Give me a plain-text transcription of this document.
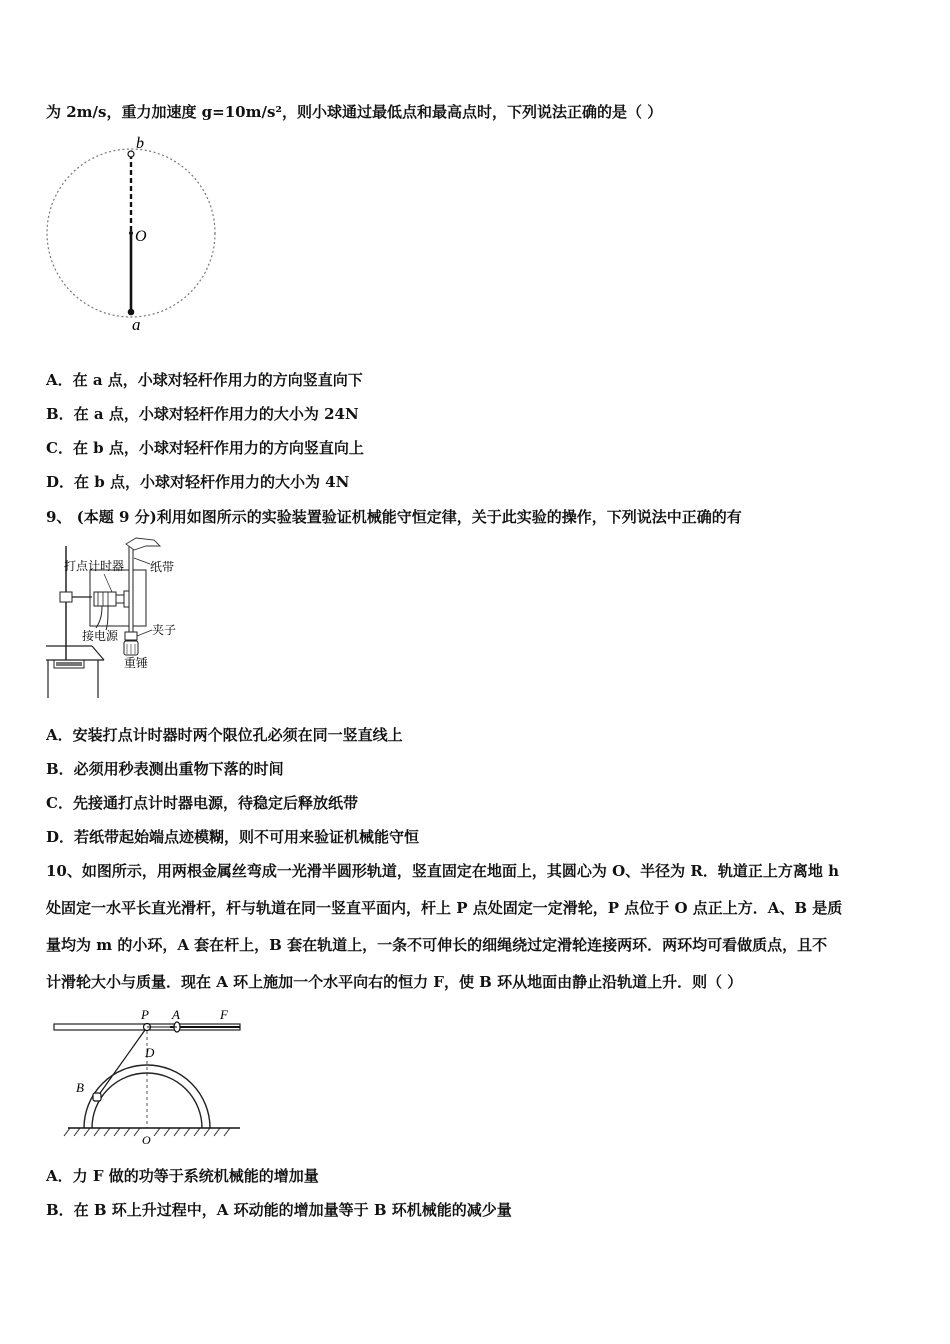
为 2m/s，重力加速度 g=10m/s²，则小球通过最低点和最高点时，下列说法正确的是（ ）
b
O
a
A．在 a 点，小球对轻杆作用力的方向竖直向下
B．在 a 点，小球对轻杆作用力的大小为 24N
C．在 b 点，小球对轻杆作用力的方向竖直向上
D．在 b 点，小球对轻杆作用力的大小为 4N
9、 (本题 9 分)利用如图所示的实验装置验证机械能守恒定律，关于此实验的操作，下列说法中正确的有
打点计时器 纸带
夹子
接电源
重锤
A．安装打点计时器时两个限位孔必须在同一竖直线上
B．必须用秒表测出重物下落的时间
C．先接通打点计时器电源，待稳定后释放纸带
D．若纸带起始端点迹模糊，则不可用来验证机械能守恒
10、如图所示，用两根金属丝弯成一光滑半圆形轨道，竖直固定在地面上，其圆心为 O、半径为 R．轨道正上方离地 h
处固定一水平长直光滑杆，杆与轨道在同一竖直平面内，杆上 P 点处固定一定滑轮，P 点位于 O 点正上方．A、B 是质
量均为 m 的小环，A 套在杆上，B 套在轨道上，一条不可伸长的细绳绕过定滑轮连接两环．两环均可看做质点，且不
计滑轮大小与质量．现在 A 环上施加一个水平向右的恒力 F，使 B 环从地面由静止沿轨道上升．则（ ）
P A	F
D
B
O
A．力 F 做的功等于系统机械能的增加量
B．在 B 环上升过程中，A 环动能的增加量等于 B 环机械能的减少量
